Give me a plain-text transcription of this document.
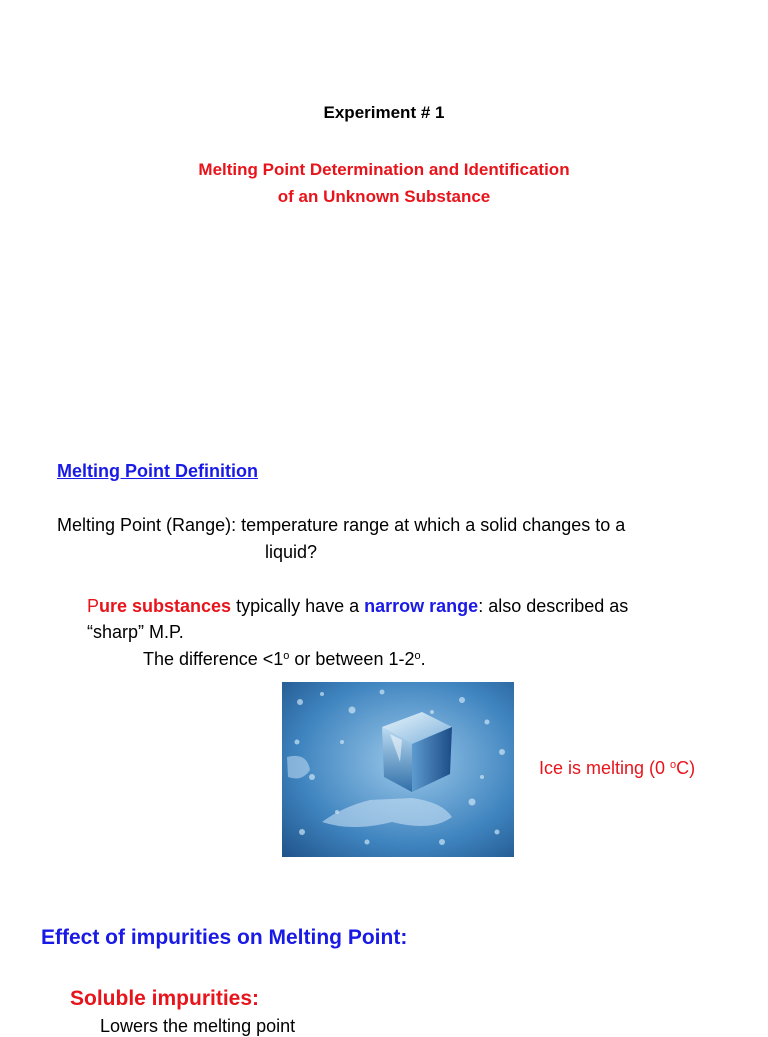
Experiment # 1
Melting Point Determination and Identification
of an Unknown Substance
Melting Point Definition
Melting Point (Range): temperature range at which a solid changes to a
liquid?
Pure substances typically have a narrow range: also described as
“sharp” M.P.
The difference $<1^o$ or between 1-2$^o$.
Ice is melting (0 $^o$C)
Effect of impurities on Melting Point:
Soluble impurities:
Lowers the melting point
